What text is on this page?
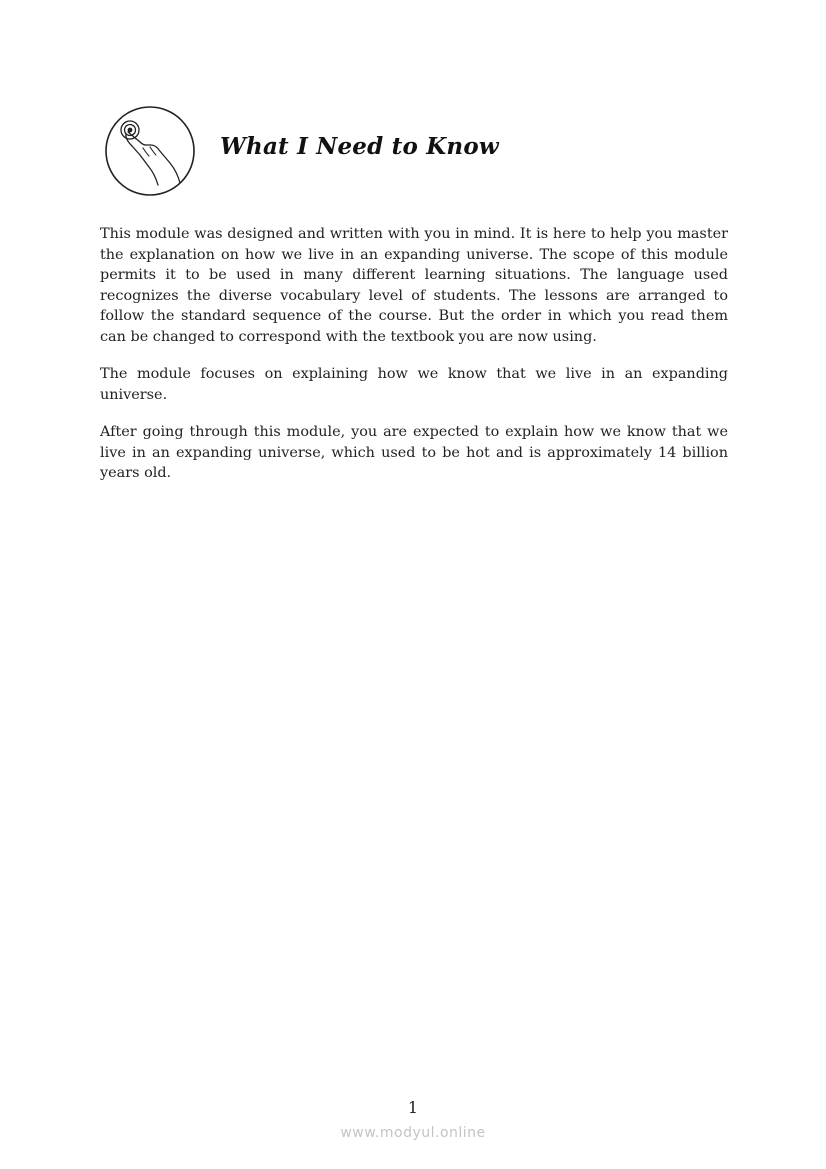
What I Need to Know

This module was designed and written with you in mind. It is here to help you master the explanation on how we live in an expanding universe. The scope of this module permits it to be used in many different learning situations. The language used recognizes the diverse vocabulary level of students. The lessons are arranged to follow the standard sequence of the course. But the order in which you read them can be changed to correspond with the textbook you are now using.

The module focuses on explaining how we know that we live in an expanding universe.

After going through this module, you are expected to explain how we know that we live in an expanding universe, which used to be hot and is approximately 14 billion years old.

1
www.modyul.online
